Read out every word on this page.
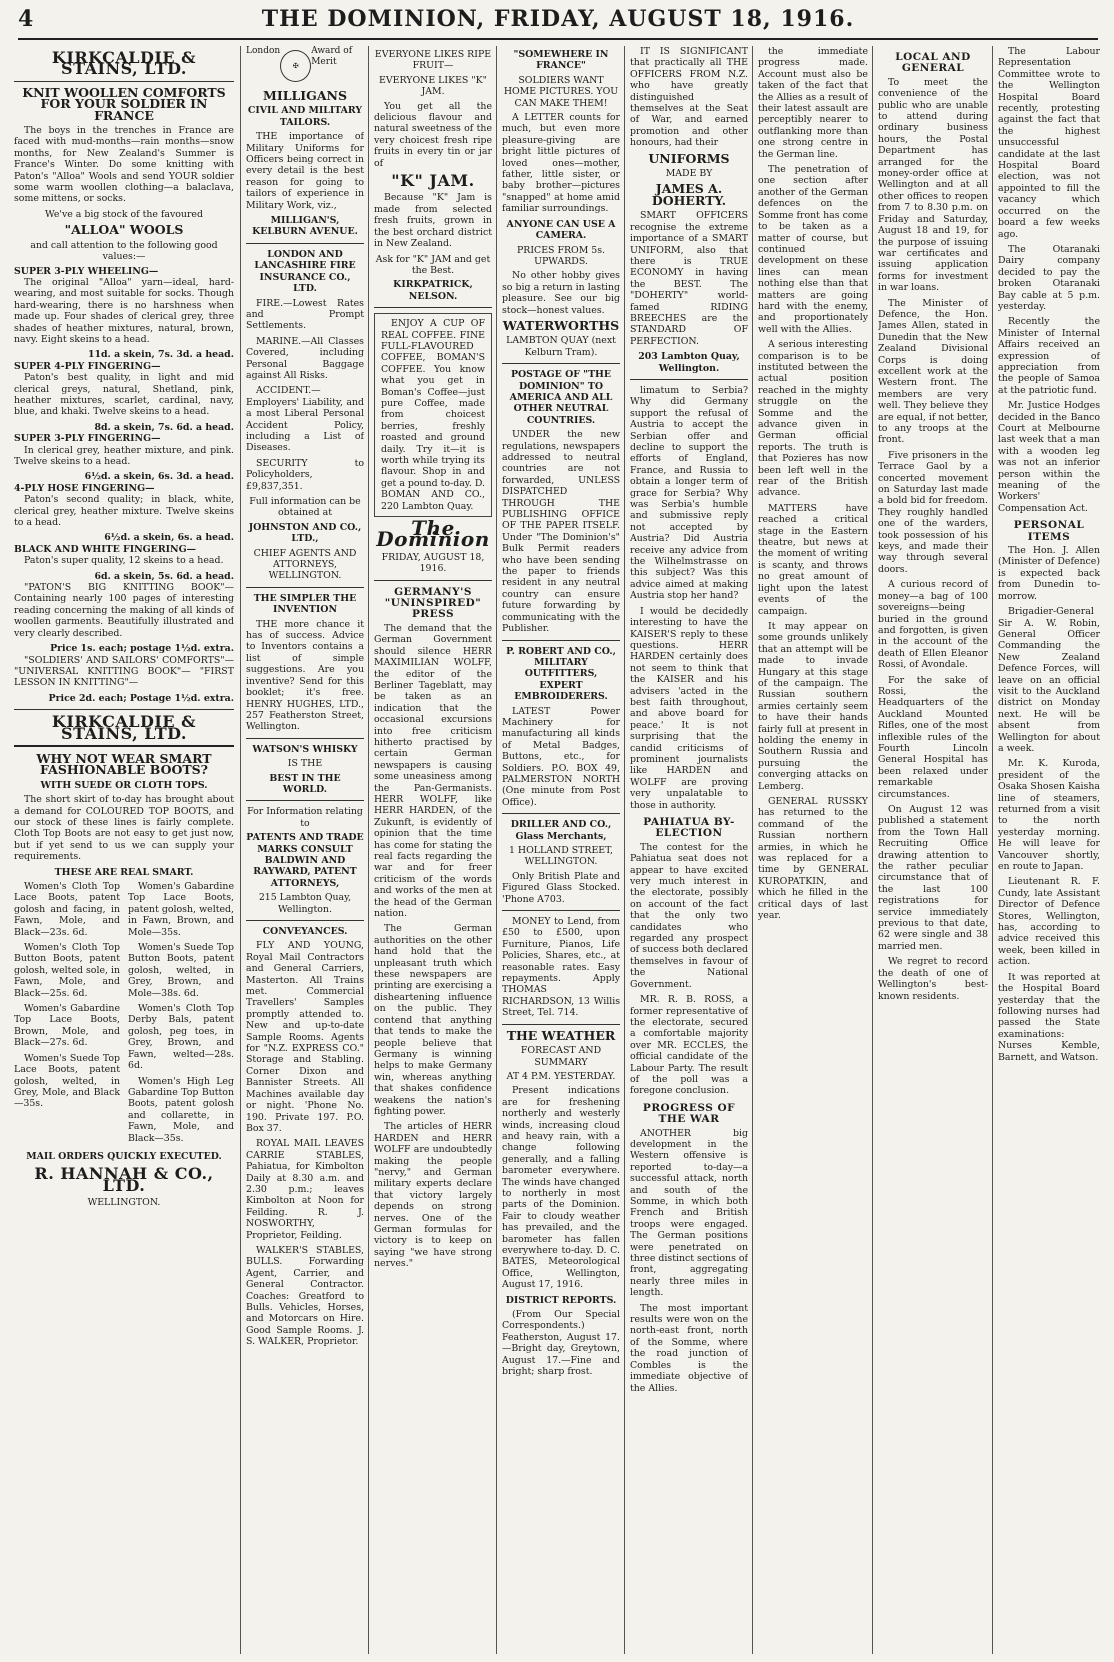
4	THE DOMINION, FRIDAY, AUGUST 18, 1916.
KIRKCALDIE & STAINS, LTD.
KNIT WOOLLEN COMFORTS FOR YOUR SOLDIER IN FRANCE

The boys in the trenches in France are faced with mud-months—rain months—snow months, for New Zealand's Summer is France's Winter. Do some knitting with Paton's "Alloa" Wools and send YOUR soldier some warm woollen clothing—a balaclava, some mittens, or socks.

We've a big stock of the favoured
"ALLOA" WOOLS
and call attention to the following good values:—
SUPER 3-PLY WHEELING—

The original "Alloa" yarn—ideal, hard-wearing, and most suitable for socks. Though hard-wearing, there is no harshness when made up. Four shades of clerical grey, three shades of heather mixtures, natural, brown, navy. Eight skeins to a head.

11d. a skein, 7s. 3d. a head.
SUPER 4-PLY FINGERING—

Paton's best quality, in light and mid clerical greys, natural, Shetland, pink, heather mixtures, scarlet, cardinal, navy, blue, and khaki. Twelve skeins to a head.

8d. a skein, 7s. 6d. a head.
SUPER 3-PLY FINGERING—

In clerical grey, heather mixture, and pink. Twelve skeins to a head.

6½d. a skein, 6s. 3d. a head.
4-PLY HOSE FINGERING—

Paton's second quality; in black, white, clerical grey, heather mixture. Twelve skeins to a head.

6½d. a skein, 6s. a head.
BLACK AND WHITE FINGERING—

Paton's super quality, 12 skeins to a head.

6d. a skein, 5s. 6d. a head.

"PATON'S BIG KNITTING BOOK"— Containing nearly 100 pages of interesting reading concerning the making of all kinds of woollen garments. Beautifully illustrated and very clearly described.

Price 1s. each; postage 1½d. extra.

"SOLDIERS' AND SAILORS' COMFORTS"— "UNIVERSAL KNITTING BOOK"— "FIRST LESSON IN KNITTING"—

Price 2d. each; Postage 1½d. extra.
KIRKCALDIE & STAINS, LTD.
WHY NOT WEAR SMART FASHIONABLE BOOTS?
WITH SUEDE OR CLOTH TOPS.

The short skirt of to-day has brought about a demand for COLOURED TOP BOOTS, and our stock of these lines is fairly complete. Cloth Top Boots are not easy to get just now, but if yet send to us we can supply your requirements.

THESE ARE REAL SMART.

Women's Cloth Top Lace Boots, patent golosh and facing, in Fawn, Mole, and Black—23s. 6d.

Women's Cloth Top Button Boots, patent golosh, welted sole, in Fawn, Mole, and Black—25s. 6d.

Women's Gabardine Top Lace Boots, Brown, Mole, and Black—27s. 6d.

Women's Suede Top Lace Boots, patent golosh, welted, in Grey, Mole, and Black—35s.

Women's Gabardine Top Lace Boots, patent golosh, welted, in Fawn, Brown, and Mole—35s.

Women's Suede Top Button Boots, patent golosh, welted, in Grey, Brown, and Mole—38s. 6d.

Women's Cloth Top Derby Bals, patent golosh, peg toes, in Grey, Brown, and Fawn, welted—28s. 6d.

Women's High Leg Gabardine Top Button Boots, patent golosh and collarette, in Fawn, Mole, and Black—35s.

MAIL ORDERS QUICKLY EXECUTED.
R. HANNAH & CO., LTD.
WELLINGTON.
London
✠
Award of Merit
MILLIGANS
CIVIL AND MILITARY TAILORS.

THE importance of Military Uniforms for Officers being correct in every detail is the best reason for going to tailors of experience in Military Work, viz.,

MILLIGAN'S, KELBURN AVENUE.
LONDON AND LANCASHIRE FIRE INSURANCE CO., LTD.

FIRE.—Lowest Rates and Prompt Settlements.

MARINE.—All Classes Covered, including Personal Baggage against All Risks.

ACCIDENT.—Employers' Liability, and a most Liberal Personal Accident Policy, including a List of Diseases.

SECURITY to Policyholders, £9,837,351.

Full information can be obtained at
JOHNSTON AND CO., LTD.,
CHIEF AGENTS AND ATTORNEYS, WELLINGTON.
THE SIMPLER THE INVENTION

THE more chance it has of success. Advice to Inventors contains a list of simple suggestions. Are you inventive? Send for this booklet; it's free. HENRY HUGHES, LTD., 257 Featherston Street, Wellington.

WATSON'S WHISKY
IS THE
BEST IN THE WORLD.
For Information relating to
PATENTS AND TRADE MARKS CONSULT BALDWIN AND RAYWARD, PATENT ATTORNEYS,
215 Lambton Quay, Wellington.
CONVEYANCES.

FLY AND YOUNG, Royal Mail Contractors and General Carriers, Masterton. All Trains met. Commercial Travellers' Samples promptly attended to. New and up-to-date Sample Rooms. Agents for "N.Z. EXPRESS CO." Storage and Stabling. Corner Dixon and Bannister Streets. All Machines available day or night. 'Phone No. 190. Private 197. P.O. Box 37.

ROYAL MAIL LEAVES CARRIE STABLES, Pahiatua, for Kimbolton Daily at 8.30 a.m. and 2.30 p.m.; leaves Kimbolton at Noon for Feilding. R. J. NOSWORTHY, Proprietor, Feilding.

WALKER'S STABLES, BULLS. Forwarding Agent, Carrier, and General Contractor. Coaches: Greatford to Bulls. Vehicles, Horses, and Motorcars on Hire. Good Sample Rooms. J. S. WALKER, Proprietor.

EVERYONE LIKES RIPE FRUIT—
EVERYONE LIKES "K" JAM.

You get all the delicious flavour and natural sweetness of the very choicest fresh ripe fruits in every tin or jar of

"K" JAM.

Because "K" Jam is made from selected fresh fruits, grown in the best orchard district in New Zealand.

Ask for "K" JAM and get the Best.
KIRKPATRICK, NELSON.

ENJOY A CUP OF REAL COFFEE. FINE FULL-FLAVOURED COFFEE, BOMAN'S COFFEE. You know what you get in Boman's Coffee—just pure Coffee, made from choicest berries, freshly roasted and ground daily. Try it—it is worth while trying its flavour. Shop in and get a pound to-day. D. BOMAN AND CO., 220 Lambton Quay.

The Dominion
FRIDAY, AUGUST 18, 1916.
GERMANY'S "UNINSPIRED" PRESS

The demand that the German Government should silence HERR MAXIMILIAN WOLFF, the editor of the Berliner Tageblatt, may be taken as an indication that the occasional excursions into free criticism hitherto practised by certain German newspapers is causing some uneasiness among the Pan-Germanists. HERR WOLFF, like HERR HARDEN, of the Zukunft, is evidently of opinion that the time has come for stating the real facts regarding the war and for freer criticism of the words and works of the men at the head of the German nation.

The German authorities on the other hand hold that the unpleasant truth which these newspapers are printing are exercising a disheartening influence on the public. They contend that anything that tends to make the people believe that Germany is winning helps to make Germany win, whereas anything that shakes confidence weakens the nation's fighting power.

The articles of HERR HARDEN and HERR WOLFF are undoubtedly making the people "nervy," and German military experts declare that victory largely depends on strong nerves. One of the German formulas for victory is to keep on saying "we have strong nerves."

"SOMEWHERE IN FRANCE"
SOLDIERS WANT HOME PICTURES. YOU CAN MAKE THEM!

A LETTER counts for much, but even more pleasure-giving are bright little pictures of loved ones—mother, father, little sister, or baby brother—pictures "snapped" at home amid familiar surroundings.

ANYONE CAN USE A CAMERA.
PRICES FROM 5s. UPWARDS.

No other hobby gives so big a return in lasting pleasure. See our big stock—honest values.

WATERWORTHS
LAMBTON QUAY (next Kelburn Tram).
POSTAGE OF "THE DOMINION" TO AMERICA AND ALL OTHER NEUTRAL COUNTRIES.

UNDER the new regulations, newspapers addressed to neutral countries are not forwarded, UNLESS DISPATCHED THROUGH THE PUBLISHING OFFICE OF THE PAPER ITSELF. Under "The Dominion's" Bulk Permit readers who have been sending the paper to friends resident in any neutral country can ensure future forwarding by communicating with the Publisher.

P. ROBERT AND CO., MILITARY OUTFITTERS, EXPERT EMBROIDERERS.

LATEST Power Machinery for manufacturing all kinds of Metal Badges, Buttons, etc., for Soldiers. P.O. BOX 49, PALMERSTON NORTH (One minute from Post Office).

DRILLER AND CO., Glass Merchants,
1 HOLLAND STREET, WELLINGTON.

Only British Plate and Figured Glass Stocked. 'Phone A703.

MONEY to Lend, from £50 to £500, upon Furniture, Pianos, Life Policies, Shares, etc., at reasonable rates. Easy repayments. Apply THOMAS RICHARDSON, 13 Willis Street, Tel. 714.

THE WEATHER
FORECAST AND SUMMARY
AT 4 P.M. YESTERDAY.

Present indications are for freshening northerly and westerly winds, increasing cloud and heavy rain, with a change following generally, and a falling barometer everywhere. The winds have changed to northerly in most parts of the Dominion. Fair to cloudy weather has prevailed, and the barometer has fallen everywhere to-day. D. C. BATES, Meteorological Office, Wellington, August 17, 1916.

DISTRICT REPORTS.

(From Our Special Correspondents.) Featherston, August 17.—Bright day, Greytown, August 17.—Fine and bright; sharp frost.

IT IS SIGNIFICANT that practically all THE OFFICERS FROM N.Z. who have greatly distinguished themselves at the Seat of War, and earned promotion and other honours, had their

UNIFORMS
MADE BY
JAMES A. DOHERTY.

SMART OFFICERS recognise the extreme importance of a SMART UNIFORM, also that there is TRUE ECONOMY in having the BEST. The "DOHERTY" world-famed RIDING BREECHES are the STANDARD OF PERFECTION.

203 Lambton Quay, Wellington.

limatum to Serbia? Why did Germany support the refusal of Austria to accept the Serbian offer and decline to support the efforts of England, France, and Russia to obtain a longer term of grace for Serbia? Why was Serbia's humble and submissive reply not accepted by Austria? Did Austria receive any advice from the Wilhelmstrasse on this subject? Was this advice aimed at making Austria stop her hand?

I would be decidedly interesting to have the KAISER'S reply to these questions. HERR HARDEN certainly does not seem to think that the KAISER and his advisers 'acted in the best faith throughout, and above board for peace.' It is not surprising that the candid criticisms of prominent journalists like HARDEN and WOLFF are proving very unpalatable to those in authority.

PAHIATUA BY-ELECTION

The contest for the Pahiatua seat does not appear to have excited very much interest in the electorate, possibly on account of the fact that the only two candidates who regarded any prospect of success both declared themselves in favour of the National Government.

MR. R. B. ROSS, a former representative of the electorate, secured a comfortable majority over MR. ECCLES, the official candidate of the Labour Party. The result of the poll was a foregone conclusion.

PROGRESS OF THE WAR

ANOTHER big development in the Western offensive is reported to-day—a successful attack, north and south of the Somme, in which both French and British troops were engaged. The German positions were penetrated on three distinct sections of front, aggregating nearly three miles in length.

The most important results were won on the north-east front, north of the Somme, where the road junction of Combles is the immediate objective of the Allies.

the immediate progress made. Account must also be taken of the fact that the Allies as a result of their latest assault are perceptibly nearer to outflanking more than one strong centre in the German line.

The penetration of one section after another of the German defences on the Somme front has come to be taken as a matter of course, but continued development on these lines can mean nothing else than that matters are going hard with the enemy, and proportionately well with the Allies.

A serious interesting comparison is to be instituted between the actual position reached in the mighty struggle on the Somme and the advance given in German official reports. The truth is that Pozieres has now been left well in the rear of the British advance.

MATTERS have reached a critical stage in the Eastern theatre, but news at the moment of writing is scanty, and throws no great amount of light upon the latest events of the campaign.

It may appear on some grounds unlikely that an attempt will be made to invade Hungary at this stage of the campaign. The Russian southern armies certainly seem to have their hands fairly full at present in holding the enemy in Southern Russia and pursuing the converging attacks on Lemberg.

GENERAL RUSSKY has returned to the command of the Russian northern armies, in which he was replaced for a time by GENERAL KUROPATKIN, and which he filled in the critical days of last year.

LOCAL AND GENERAL

To meet the convenience of the public who are unable to attend during ordinary business hours, the Postal Department has arranged for the money-order office at Wellington and at all other offices to reopen from 7 to 8.30 p.m. on Friday and Saturday, August 18 and 19, for the purpose of issuing war certificates and issuing application forms for investment in war loans.

The Minister of Defence, the Hon. James Allen, stated in Dunedin that the New Zealand Divisional Corps is doing excellent work at the Western front. The members are very well. They believe they are equal, if not better, to any troops at the front.

Five prisoners in the Terrace Gaol by a concerted movement on Saturday last made a bold bid for freedom. They roughly handled one of the warders, took possession of his keys, and made their way through several doors.

A curious record of money—a bag of 100 sovereigns—being buried in the ground and forgotten, is given in the account of the death of Ellen Eleanor Rossi, of Avondale.

For the sake of Rossi, the Headquarters of the Auckland Mounted Rifles, one of the most inflexible rules of the Fourth Lincoln General Hospital has been relaxed under remarkable circumstances.

On August 12 was published a statement from the Town Hall Recruiting Office drawing attention to the rather peculiar circumstance that of the last 100 registrations for service immediately previous to that date, 62 were single and 38 married men.

We regret to record the death of one of Wellington's best-known residents.

The Labour Representation Committee wrote to the Wellington Hospital Board recently, protesting against the fact that the highest unsuccessful candidate at the last Hospital Board election, was not appointed to fill the vacancy which occurred on the board a few weeks ago.

The Otaranaki Dairy company decided to pay the broken Otaranaki Bay cable at 5 p.m. yesterday.

Recently the Minister of Internal Affairs received an expression of appreciation from the people of Samoa at the patriotic fund.

Mr. Justice Hodges decided in the Banco Court at Melbourne last week that a man with a wooden leg was not an inferior person within the meaning of the Workers' Compensation Act.

PERSONAL ITEMS

The Hon. J. Allen (Minister of Defence) is expected back from Dunedin to-morrow.

Brigadier-General Sir A. W. Robin, General Officer Commanding the New Zealand Defence Forces, will leave on an official visit to the Auckland district on Monday next. He will be absent from Wellington for about a week.

Mr. K. Kuroda, president of the Osaka Shosen Kaisha line of steamers, returned from a visit to the north yesterday morning. He will leave for Vancouver shortly, en route to Japan.

Lieutenant R. F. Cundy, late Assistant Director of Defence Stores, Wellington, has, according to advice received this week, been killed in action.

It was reported at the Hospital Board yesterday that the following nurses had passed the State examinations: Nurses Kemble, Barnett, and Watson.
